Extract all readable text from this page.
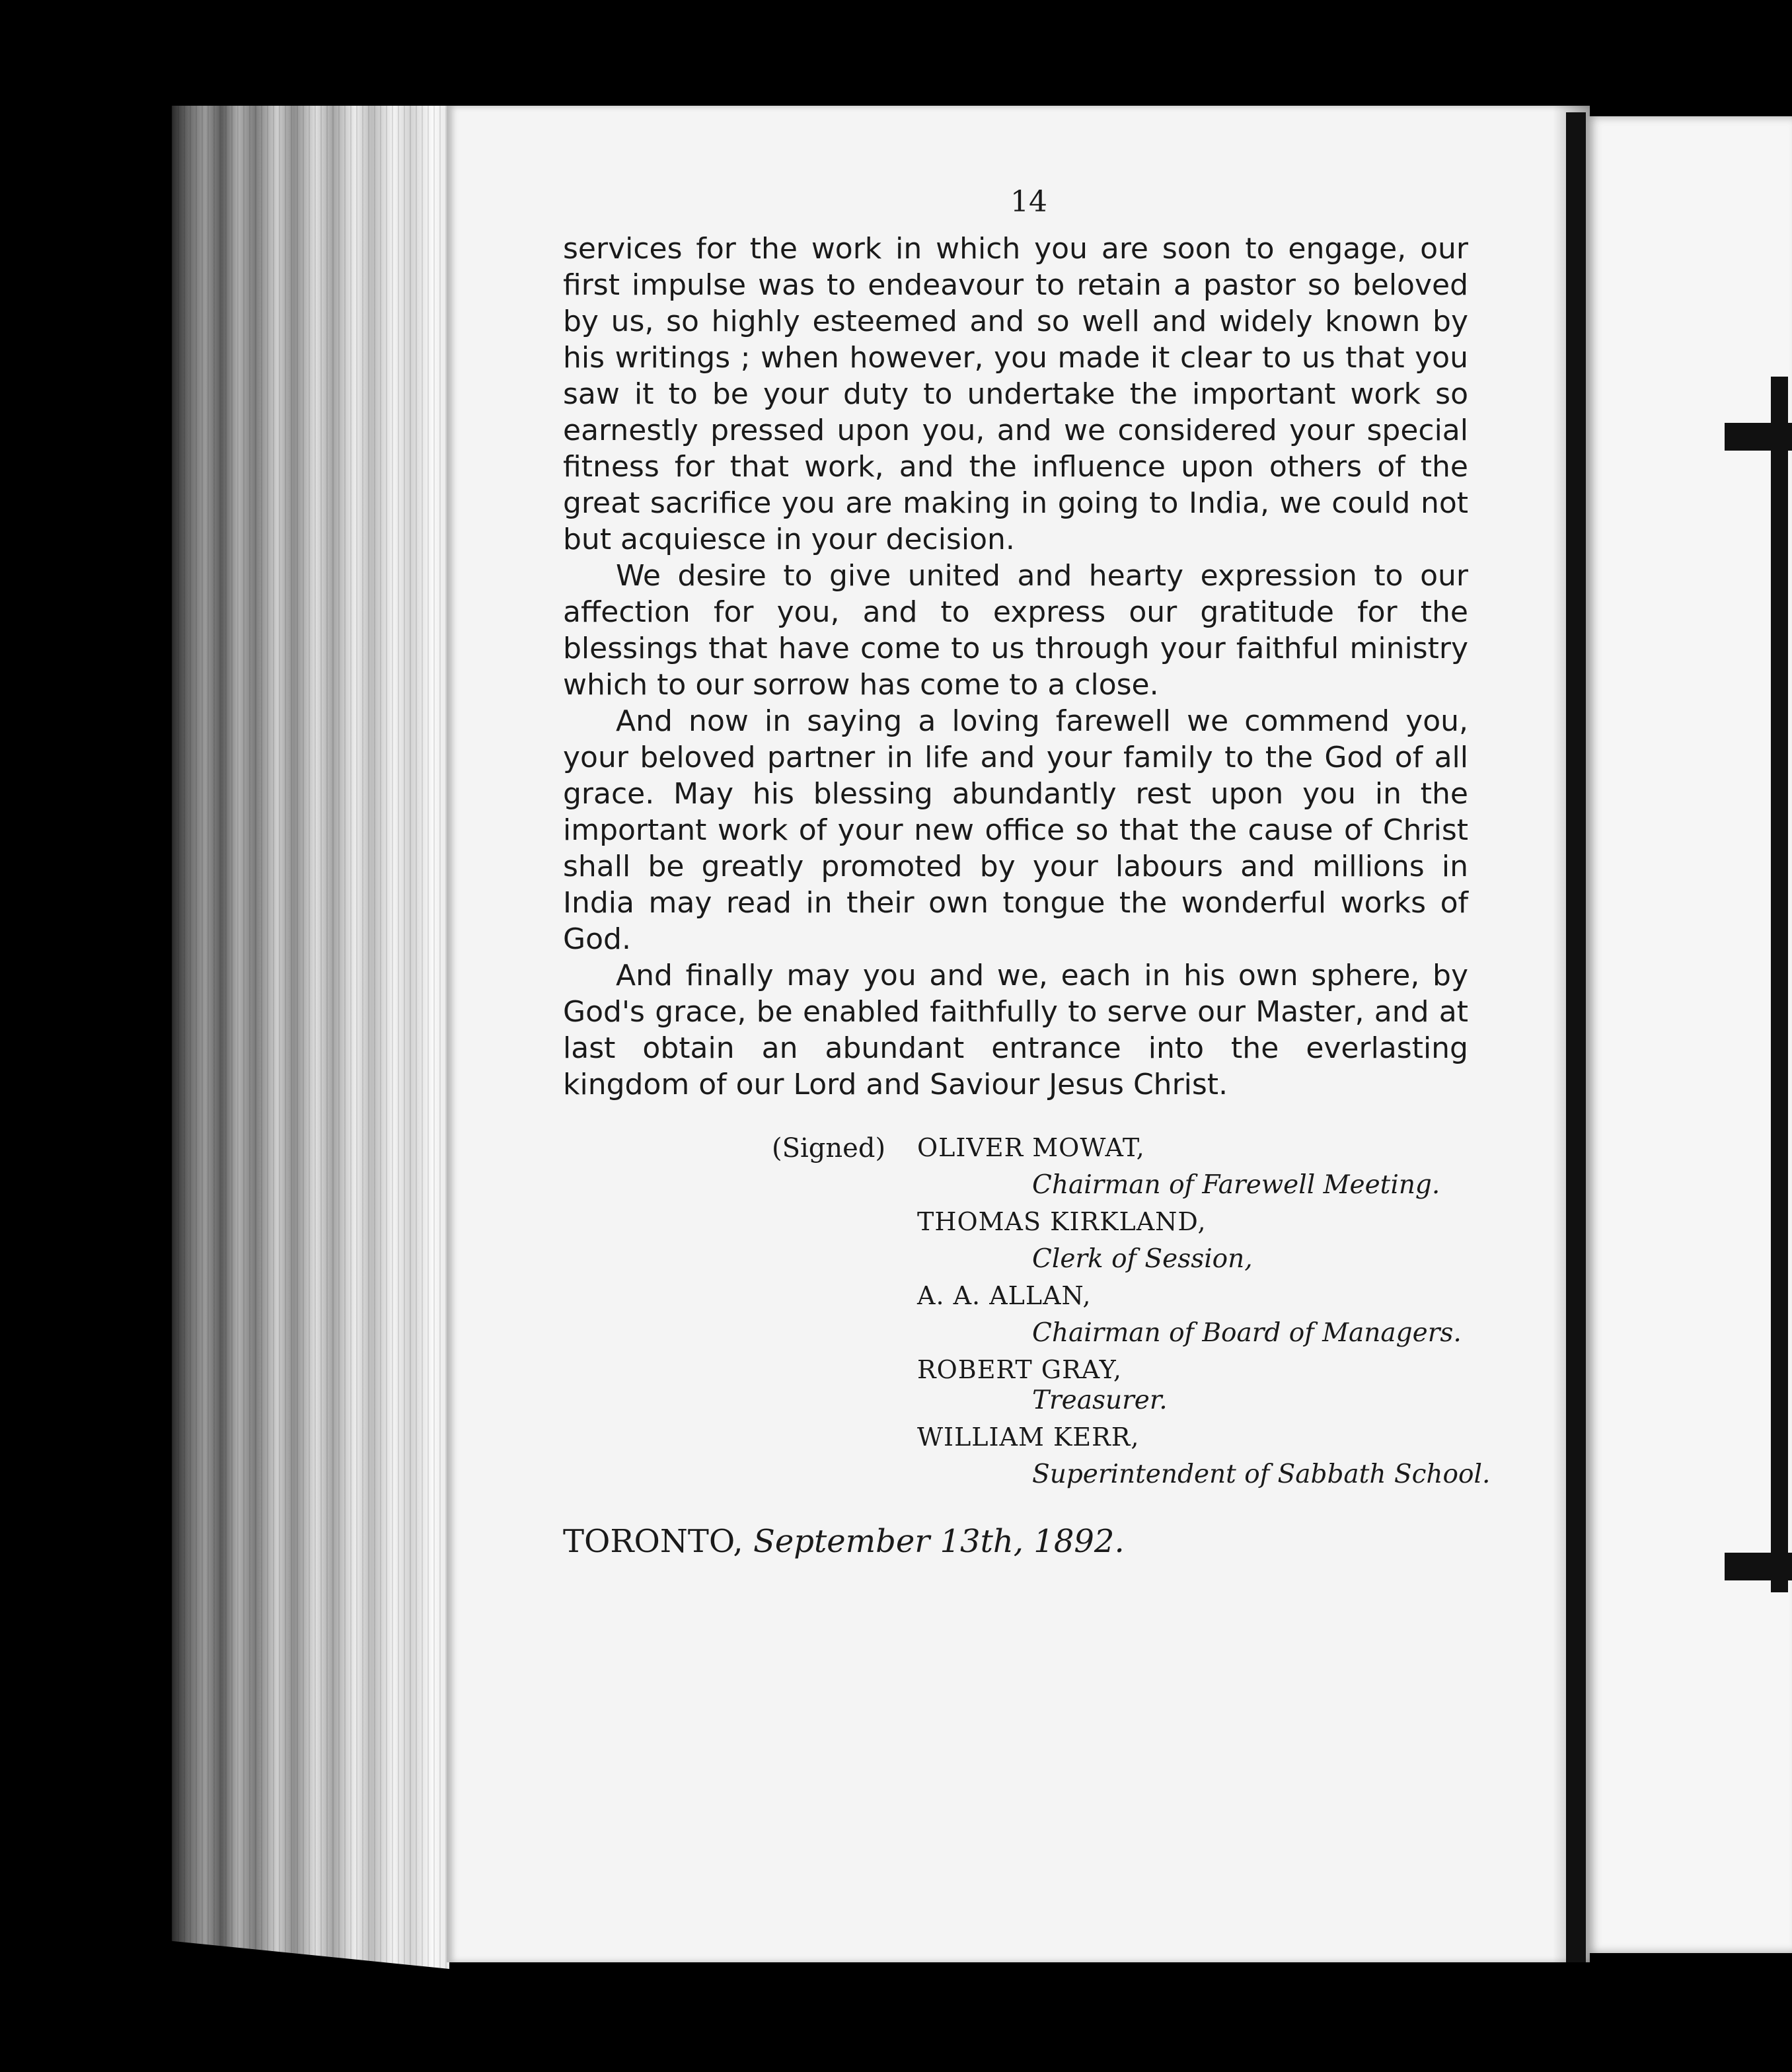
14

services for the work in which you are soon to engage, our first impulse was to endeavour to retain a pastor so beloved by us, so highly esteemed and so well and widely known by his writings ; when however, you made it clear to us that you saw it to be your duty to undertake the important work so earnestly pressed upon you, and we considered your special fitness for that work, and the influence upon others of the great sacrifice you are making in going to India, we could not but acquiesce in your decision.

We desire to give united and hearty expression to our affection for you, and to express our gratitude for the blessings that have come to us through your faithful ministry which to our sorrow has come to a close.

And now in saying a loving farewell we commend you, your beloved partner in life and your family to the God of all grace. May his blessing abundantly rest upon you in the important work of your new office so that the cause of Christ shall be greatly promoted by your labours and millions in India may read in their own tongue the wonderful works of God.

And finally may you and we, each in his own sphere, by God's grace, be enabled faithfully to serve our Master, and at last obtain an abundant entrance into the everlasting kingdom of our Lord and Saviour Jesus Christ.

(Signed) OLIVER MOWAT,
Chairman of Farewell Meeting.
THOMAS KIRKLAND,
Clerk of Session,
A. A. ALLAN,
Chairman of Board of Managers.
ROBERT GRAY,
Treasurer.
WILLIAM KERR,
Superintendent of Sabbath School.
TORONTO, September 13th, 1892.
